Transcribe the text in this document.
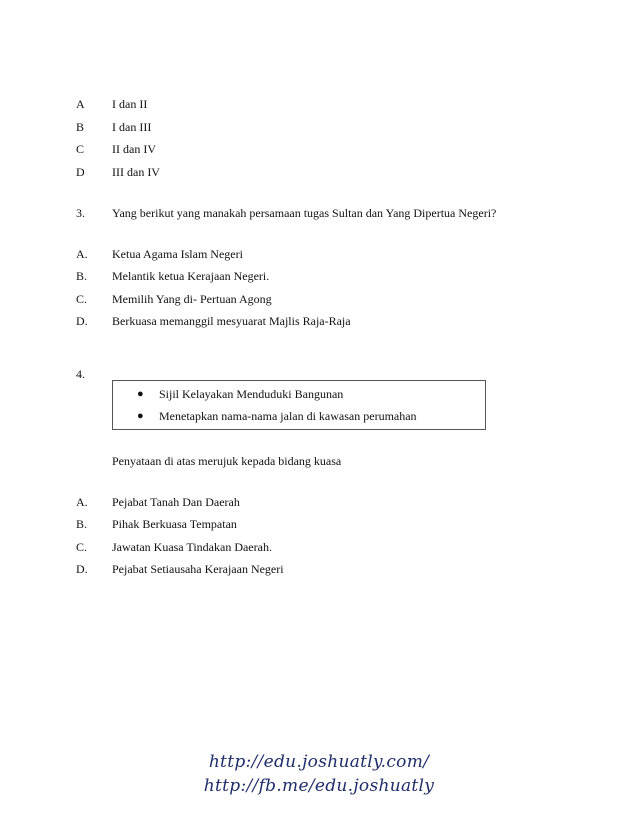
A I dan II
B I dan III
C II dan IV
D III dan IV
3. Yang berikut yang manakah persamaan tugas Sultan dan Yang Dipertua Negeri?
A. Ketua Agama Islam Negeri
B. Melantik ketua Kerajaan Negeri.
C. Memilih Yang di- Pertuan Agong
D. Berkuasa memanggil mesyuarat Majlis Raja-Raja
4.
● Sijil Kelayakan Menduduki Bangunan
● Menetapkan nama-nama jalan di kawasan perumahan
Penyataan di atas merujuk kepada bidang kuasa
A. Pejabat Tanah Dan Daerah
B. Pihak Berkuasa Tempatan
C. Jawatan Kuasa Tindakan Daerah.
D. Pejabat Setiausaha Kerajaan Negeri
http://edu.joshuatly.com/
http://fb.me/edu.joshuatly
